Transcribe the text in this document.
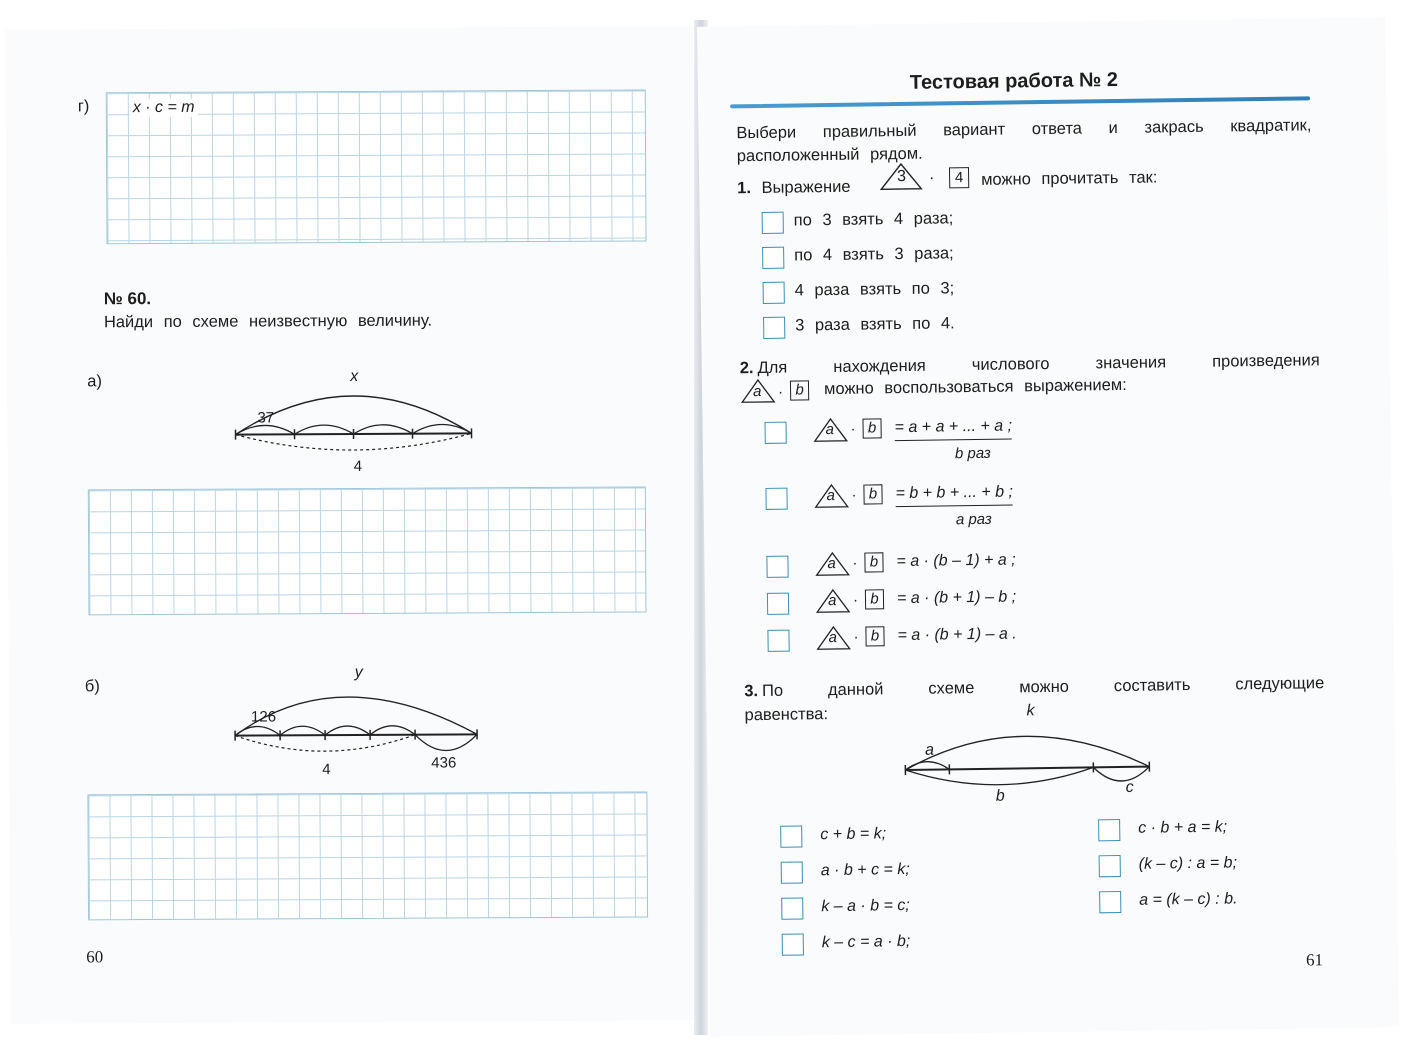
г)	x · c = m
№ 60.
Найди по схеме неизвестную величину.
а)	x
37
4
б)
y
126
4	436
60
Тестовая работа № 2
Выбери правильный вариант ответа и закрась квадратик, расположенный рядом.
1. Выражение
3 ·	4	можно прочитать так:
по 3 взять 4 раза;
по 4 взять 3 раза;
4 раза взять по 3;
3 раза взять по 4.
2. Для нахождения числового значения произведения
a · b	можно воспользоваться выражением:
a · b	= a + a + ... + a ;
b раз
a · b	= b + b + ... + b ;
a раз
a · b	= a · (b – 1) + a ;
a · b	= a · (b + 1) – b ;
a · b	= a · (b + 1) – a .
3. По данной схеме можно составить следующие
равенства:	k
a
b
c
c + b = k;
a · b + c = k;
k – a · b = c;
k – c = a · b;
c · b + a = k;
(k – c) : a = b;
a = (k – c) : b.
61
